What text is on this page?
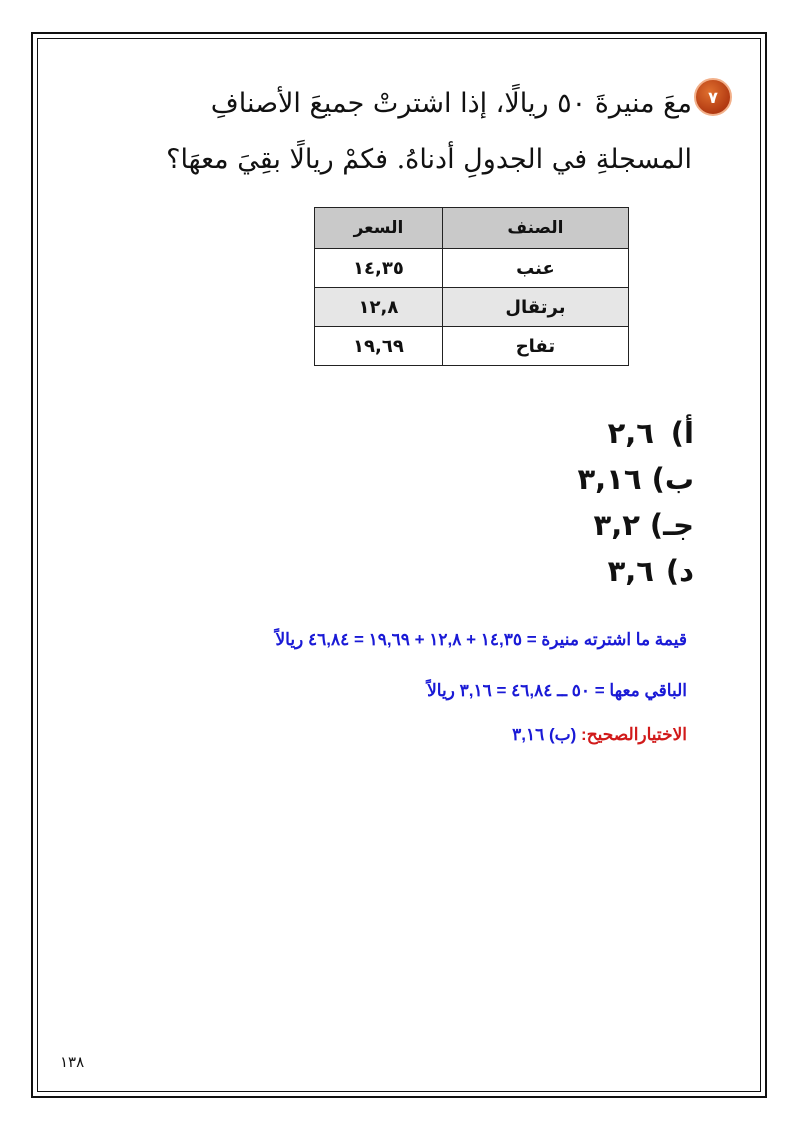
٧
معَ منيرةَ ٥٠ ريالًا، إذا اشترتْ جميعَ الأصنافِ
المسجلةِ في الجدولِ أدناهُ. فكمْ ريالًا بقِيَ معهَا؟
الصنف	السعر
عنب	١٤,٣٥
برتقال	١٢,٨
تفاح	١٩,٦٩
أ)٢,٦
ب)٣,١٦
جـ)٣,٢
د)٣,٦
قيمة ما اشترته منيرة = ١٤,٣٥ + ١٢,٨ + ١٩,٦٩ = ٤٦,٨٤ ريالاً
الباقي معها = ٥٠ ــ ٤٦,٨٤ = ٣,١٦ ريالاً
الاختيارالصحيح: (ب) ٣,١٦
١٣٨
